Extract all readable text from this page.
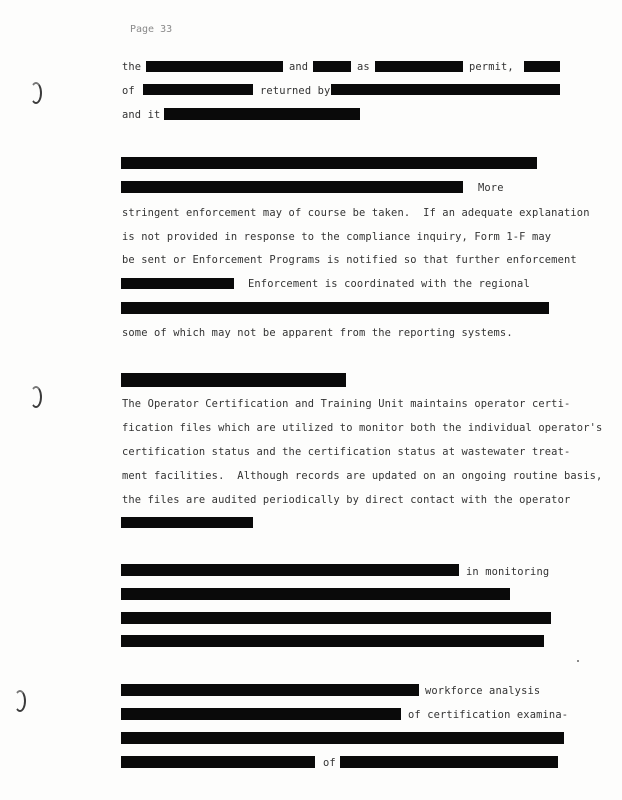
Page 33
the	and	as	permit,
of	returned by
and it
More
stringent enforcement may of course be taken.  If an adequate explanation
is not provided in response to the compliance inquiry, Form 1-F may
be sent or Enforcement Programs is notified so that further enforcement
Enforcement is coordinated with the regional
some of which may not be apparent from the reporting systems.
The Operator Certification and Training Unit maintains operator certi-
fication files which are utilized to monitor both the individual operator's
certification status and the certification status at wastewater treat-
ment facilities.  Although records are updated on an ongoing routine basis,
the files are audited periodically by direct contact with the operator
in monitoring
workforce analysis
of certification examina-
of
